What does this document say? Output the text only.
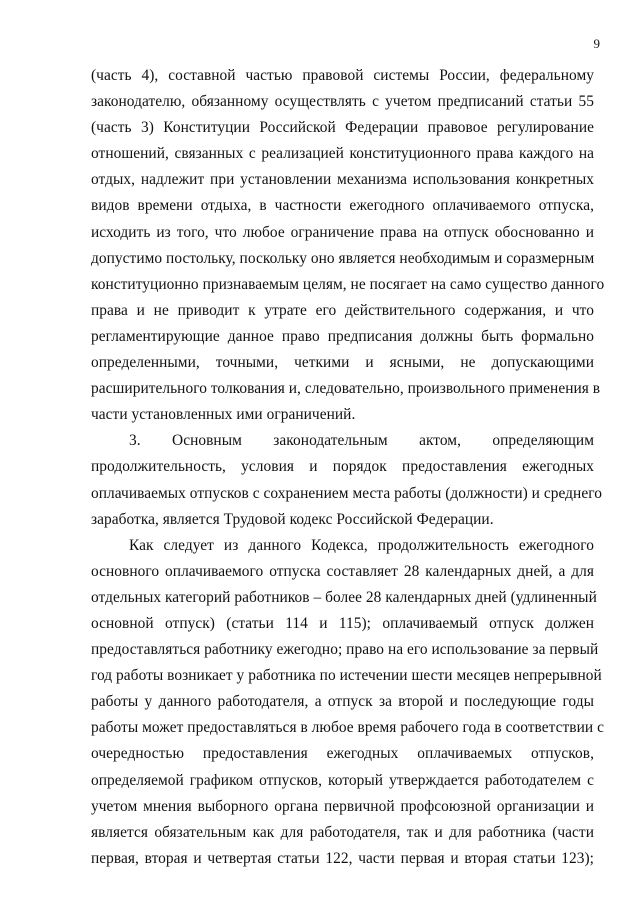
9
(часть 4), составной частью правовой системы России, федеральному
законодателю, обязанному осуществлять с учетом предписаний статьи 55
(часть 3) Конституции Российской Федерации правовое регулирование
отношений, связанных с реализацией конституционного права каждого на
отдых, надлежит при установлении механизма использования конкретных
видов времени отдыха, в частности ежегодного оплачиваемого отпуска,
исходить из того, что любое ограничение права на отпуск обоснованно и
допустимо постольку, поскольку оно является необходимым и соразмерным
конституционно признаваемым целям, не посягает на само существо данного
права и не приводит к утрате его действительного содержания, и что
регламентирующие данное право предписания должны быть формально
определенными, точными, четкими и ясными, не допускающими
расширительного толкования и, следовательно, произвольного применения в
части установленных ими ограничений.
3. Основным законодательным актом, определяющим
продолжительность, условия и порядок предоставления ежегодных
оплачиваемых отпусков с сохранением места работы (должности) и среднего
заработка, является Трудовой кодекс Российской Федерации.
Как следует из данного Кодекса, продолжительность ежегодного
основного оплачиваемого отпуска составляет 28 календарных дней, а для
отдельных категорий работников – более 28 календарных дней (удлиненный
основной отпуск) (статьи 114 и 115); оплачиваемый отпуск должен
предоставляться работнику ежегодно; право на его использование за первый
год работы возникает у работника по истечении шести месяцев непрерывной
работы у данного работодателя, а отпуск за второй и последующие годы
работы может предоставляться в любое время рабочего года в соответствии с
очередностью предоставления ежегодных оплачиваемых отпусков,
определяемой графиком отпусков, который утверждается работодателем с
учетом мнения выборного органа первичной профсоюзной организации и
является обязательным как для работодателя, так и для работника (части
первая, вторая и четвертая статьи 122, части первая и вторая статьи 123);
